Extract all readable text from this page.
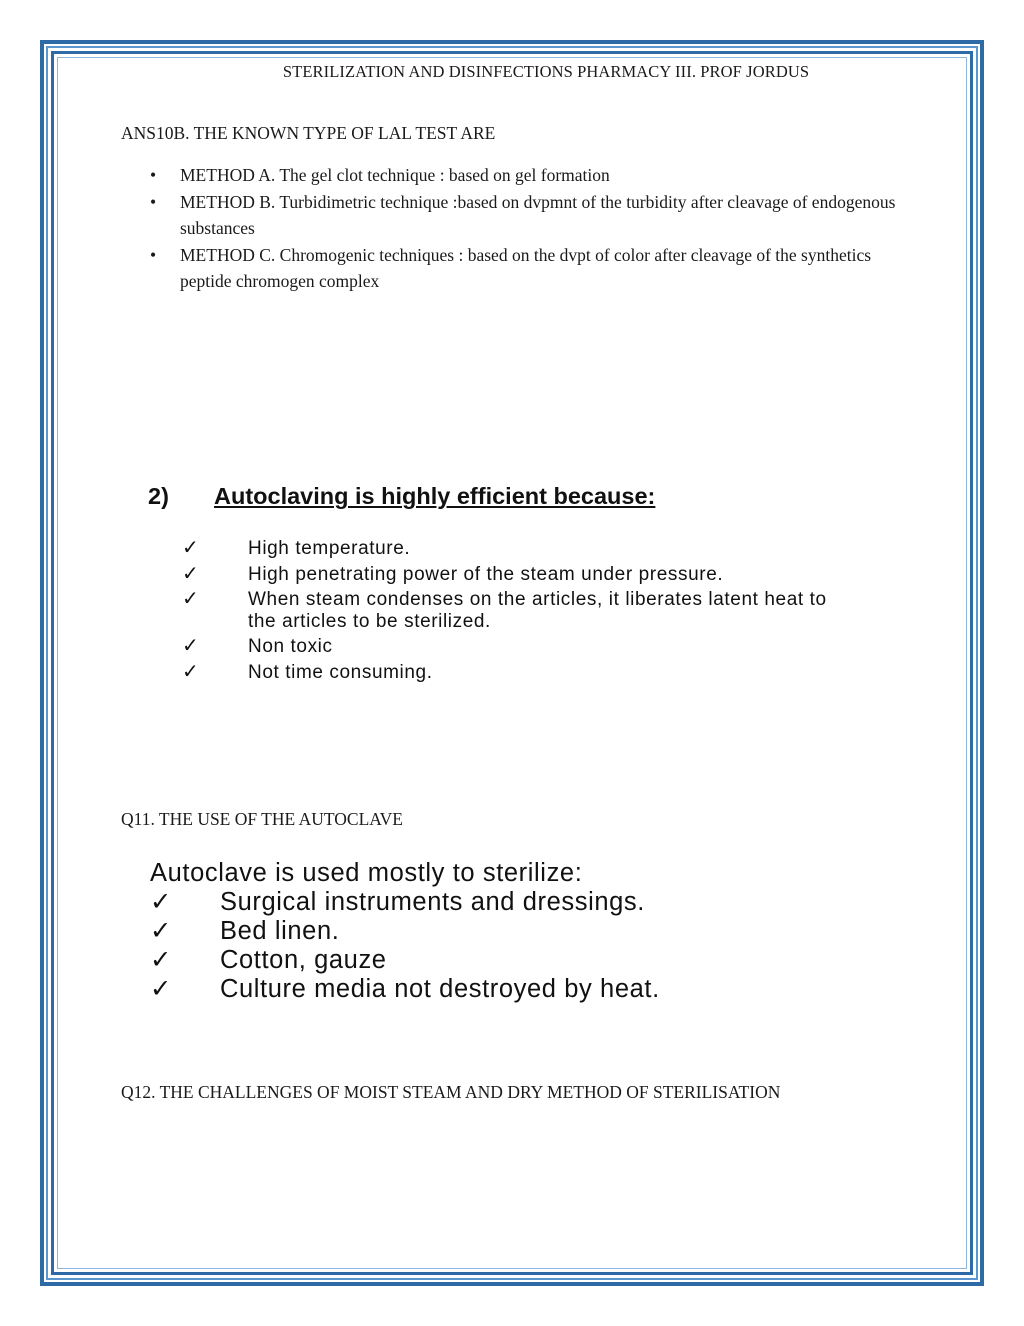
STERILIZATION AND DISINFECTIONS PHARMACY III. PROF JORDUS
ANS10B. THE KNOWN TYPE OF LAL TEST ARE
• METHOD A. The gel clot technique : based on gel formation
• METHOD B. Turbidimetric technique :based on dvpmnt of the turbidity after cleavage of endogenous substances
• METHOD C. Chromogenic techniques : based on the dvpt of color after cleavage of the synthetics peptide chromogen complex
2) Autoclaving is highly efficient because:
✓	High temperature.
✓	High penetrating power of the steam under pressure.
✓	When steam condenses on the articles, it liberates latent heat to the articles to be sterilized.
✓	Non toxic
✓	Not time consuming.
Q11. THE USE OF THE AUTOCLAVE
Autoclave is used mostly to sterilize:
✓ Surgical instruments and dressings.
✓ Bed linen.
✓ Cotton, gauze
✓ Culture media not destroyed by heat.
Q12. THE CHALLENGES OF MOIST STEAM AND DRY METHOD OF STERILISATION
